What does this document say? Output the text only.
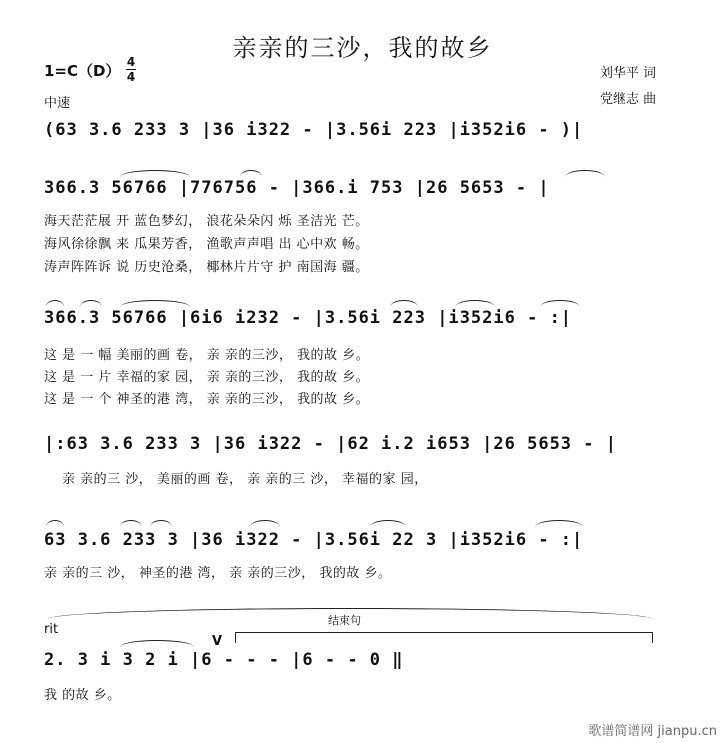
亲亲的三沙，我的故乡
1=C（D） 4
4
中速
刘华平 词
党继志 曲
(63 3.6 233 3 |36 i322 - |3.56i 223 |i352i6 - )|
366.3 56766 |776756 - |366.i 753 |26 5653 - |
海天茫茫展 开 蓝色梦幻， 浪花朵朵闪 烁 圣洁光 芒。
海风徐徐飘 来 瓜果芳香， 渔歌声声唱 出 心中欢 畅。
涛声阵阵诉 说 历史沧桑， 椰林片片守 护 南国海 疆。
366.3 56766 |6i6 i232 - |3.56i 223 |i352i6 - :|
这 是 一 幅 美丽的画 卷， 亲 亲的三沙， 我的故 乡。
这 是 一 片 幸福的家 园， 亲 亲的三沙， 我的故 乡。
这 是 一 个 神圣的港 湾， 亲 亲的三沙， 我的故 乡。
|:63 3.6 233 3 |36 i322 - |62 i.2 i653 |26 5653 - |
亲 亲的三 沙， 美丽的画 卷， 亲 亲的三 沙， 幸福的家 园，
63 3.6 233 3 |36 i322 - |3.56i 22 3 |i352i6 - :|
亲 亲的三 沙， 神圣的港 湾， 亲 亲的三沙， 我的故 乡。
rit
结束句
V
2. 3 i 3 2 i |6 - - - |6 - - 0 ‖
我 的故 乡。
歌谱简谱网 jianpu.cn
